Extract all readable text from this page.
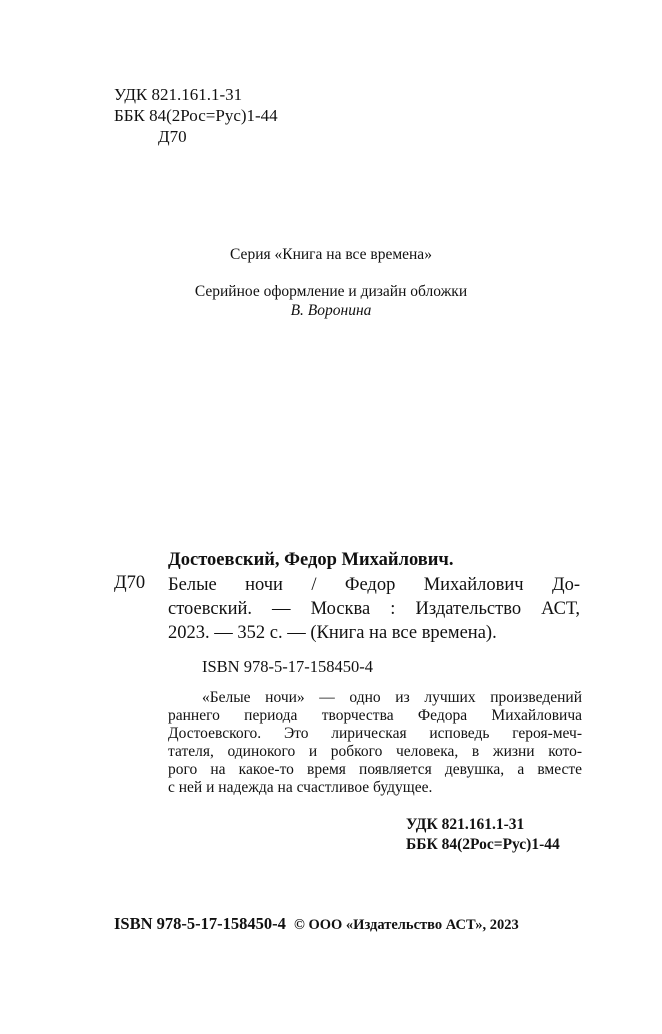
УДК 821.161.1-31
ББК 84(2Рос=Рус)1-44
Д70
Серия «Книга на все времена»
Серийное оформление и дизайн обложки
В. Воронина
Достоевский, Федор Михайлович.
Д70 Белые ночи / Федор Михайлович До-
стоевский. — Москва : Издательство АСТ,
2023. — 352 с. — (Книга на все времена).
ISBN 978-5-17-158450-4
«Белые ночи» — одно из лучших произведений
раннего периода творчества Федора Михайловича
Достоевского. Это лирическая исповедь героя-меч-
тателя, одинокого и робкого человека, в жизни кото-
рого на какое-то время появляется девушка, а вместе
с ней и надежда на счастливое будущее.
УДК 821.161.1-31
ББК 84(2Рос=Рус)1-44
ISBN 978-5-17-158450-4 © ООО «Издательство АСТ», 2023
